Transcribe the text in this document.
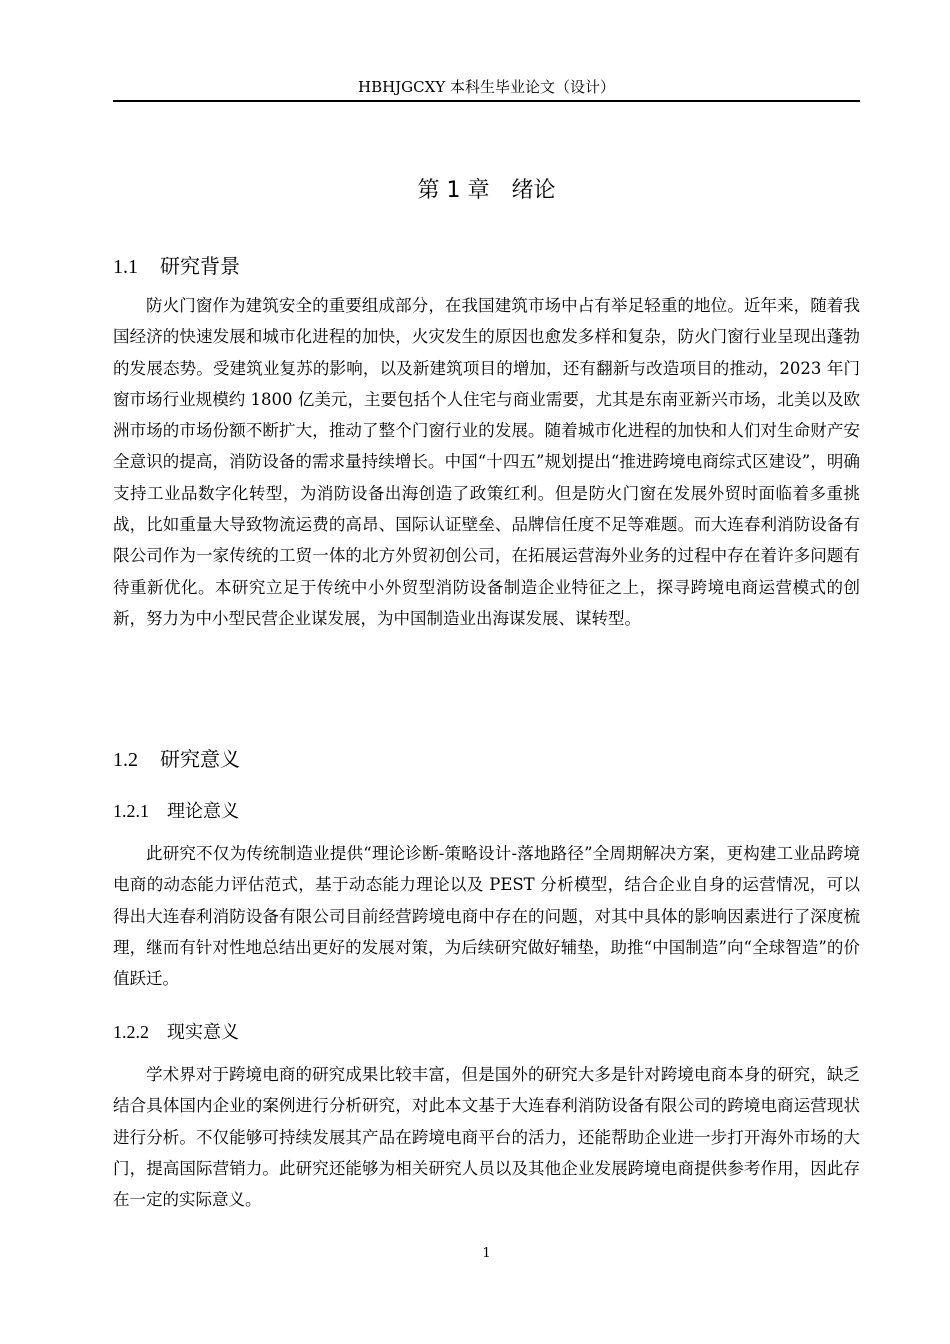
HBHJGCXY 本科生毕业论文（设计）
第 1 章 绪论
1.1 研究背景

防火门窗作为建筑安全的重要组成部分，在我国建筑市场中占有举足轻重的地位。近年来，随着我国经济的快速发展和城市化进程的加快，火灾发生的原因也愈发多样和复杂，防火门窗行业呈现出蓬勃的发展态势。受建筑业复苏的影响，以及新建筑项目的增加，还有翻新与改造项目的推动，2023 年门窗市场行业规模约 1800 亿美元，主要包括个人住宅与商业需要，尤其是东南亚新兴市场，北美以及欧洲市场的市场份额不断扩大，推动了整个门窗行业的发展。随着城市化进程的加快和人们对生命财产安全意识的提高，消防设备的需求量持续增长。中国“十四五”规划提出“推进跨境电商综式区建设”，明确支持工业品数字化转型，为消防设备出海创造了政策红利。但是防火门窗在发展外贸时面临着多重挑战，比如重量大导致物流运费的高昂、国际认证壁垒、品牌信任度不足等难题。而大连春利消防设备有限公司作为一家传统的工贸一体的北方外贸初创公司，在拓展运营海外业务的过程中存在着许多问题有待重新优化。本研究立足于传统中小外贸型消防设备制造企业特征之上，探寻跨境电商运营模式的创新，努力为中小型民营企业谋发展，为中国制造业出海谋发展、谋转型。

1.2 研究意义
1.2.1 理论意义

此研究不仅为传统制造业提供“理论诊断-策略设计-落地路径”全周期解决方案，更构建工业品跨境电商的动态能力评估范式，基于动态能力理论以及 PEST 分析模型，结合企业自身的运营情况，可以得出大连春利消防设备有限公司目前经营跨境电商中存在的问题，对其中具体的影响因素进行了深度梳理，继而有针对性地总结出更好的发展对策，为后续研究做好辅垫，助推“中国制造”向“全球智造”的价值跃迁。

1.2.2 现实意义

学术界对于跨境电商的研究成果比较丰富，但是国外的研究大多是针对跨境电商本身的研究，缺乏结合具体国内企业的案例进行分析研究，对此本文基于大连春利消防设备有限公司的跨境电商运营现状进行分析。不仅能够可持续发展其产品在跨境电商平台的活力，还能帮助企业进一步打开海外市场的大门，提高国际营销力。此研究还能够为相关研究人员以及其他企业发展跨境电商提供参考作用，因此存在一定的实际意义。

1
